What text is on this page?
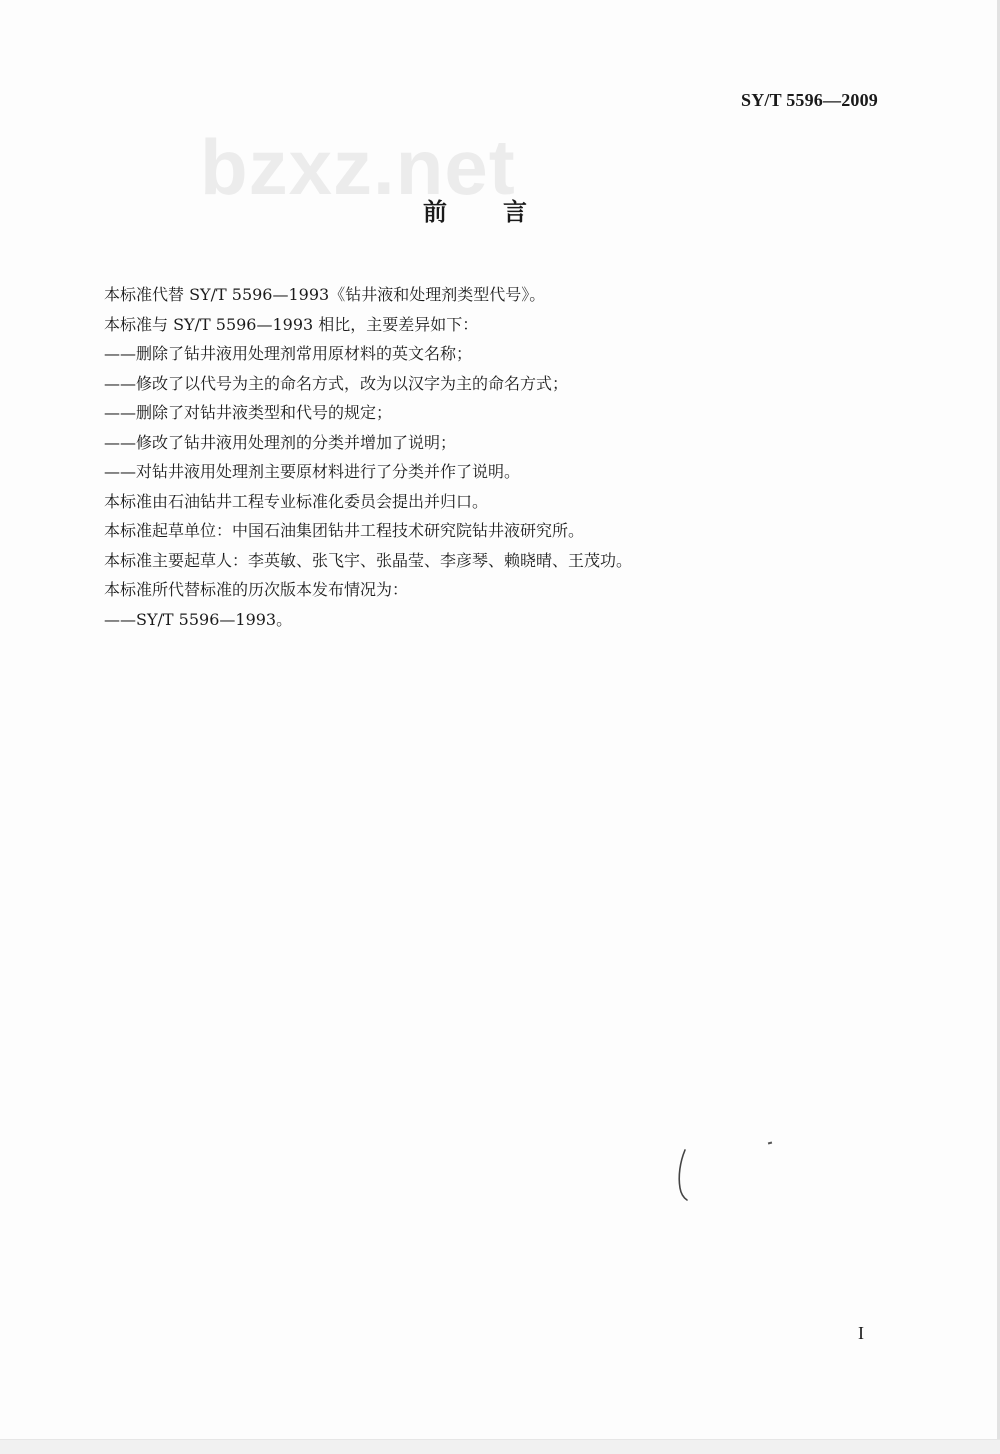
SY/T 5596—2009
bzxz.net
前言

本标准代替 SY/T 5596—1993《钻井液和处理剂类型代号》。

本标准与 SY/T 5596—1993 相比，主要差异如下：

——删除了钻井液用处理剂常用原材料的英文名称；

——修改了以代号为主的命名方式，改为以汉字为主的命名方式；

——删除了对钻井液类型和代号的规定；

——修改了钻井液用处理剂的分类并增加了说明；

——对钻井液用处理剂主要原材料进行了分类并作了说明。

本标准由石油钻井工程专业标准化委员会提出并归口。

本标准起草单位：中国石油集团钻井工程技术研究院钻井液研究所。

本标准主要起草人：李英敏、张飞宇、张晶莹、李彦琴、赖晓晴、王茂功。

本标准所代替标准的历次版本发布情况为：

——SY/T 5596—1993。

I
